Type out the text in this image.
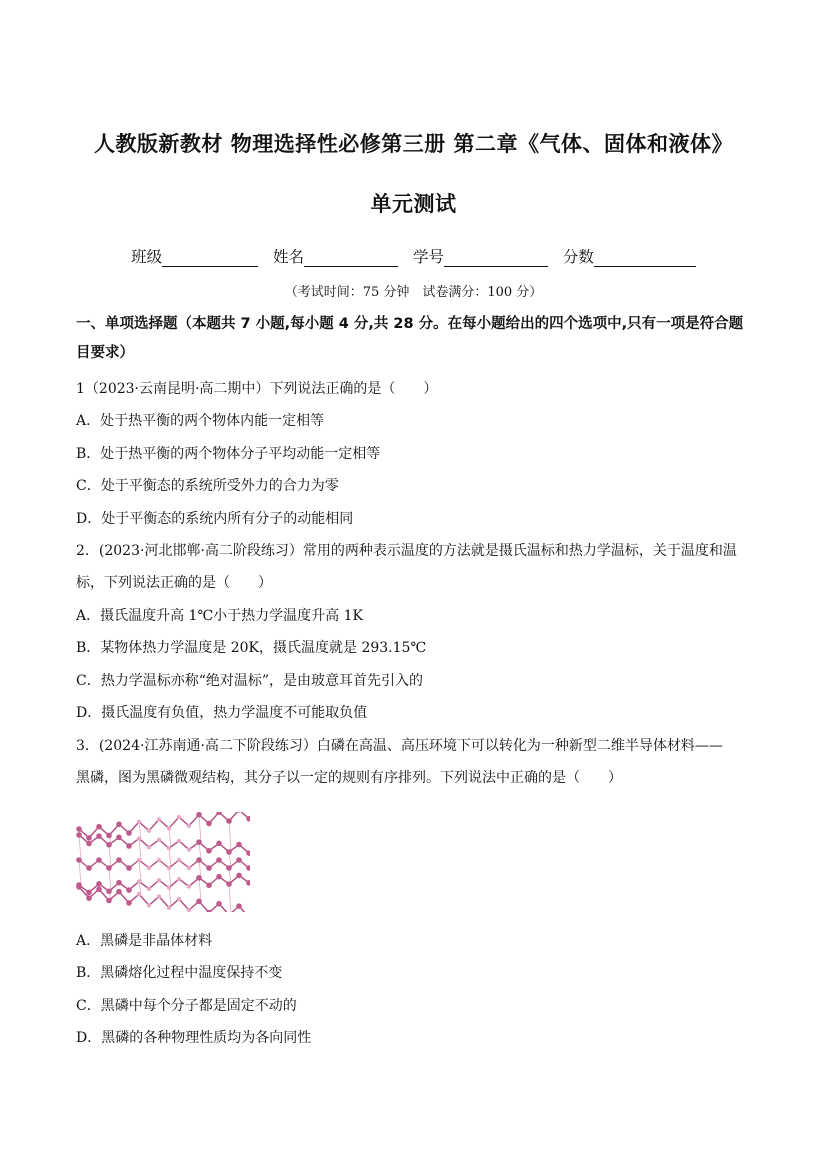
人教版新教材 物理选择性必修第三册 第二章《气体、固体和液体》
单元测试
班级	姓名	学号	分数
（考试时间：75 分钟　试卷满分：100 分）
一、单项选择题（本题共 7 小题,每小题 4 分,共 28 分。在每小题给出的四个选项中,只有一项是符合题目要求）
1（2023·云南昆明·高二期中）下列说法正确的是（　　）
A．处于热平衡的两个物体内能一定相等
B．处于热平衡的两个物体分子平均动能一定相等
C．处于平衡态的系统所受外力的合力为零
D．处于平衡态的系统内所有分子的动能相同
2．(2023·河北邯郸·高二阶段练习）常用的两种表示温度的方法就是摄氏温标和热力学温标，关于温度和温
标，下列说法正确的是（　　）
A．摄氏温度升高 1℃小于热力学温度升高 1K
B．某物体热力学温度是 20K，摄氏温度就是 293.15℃
C．热力学温标亦称“绝对温标”，是由玻意耳首先引入的
D．摄氏温度有负值，热力学温度不可能取负值
3．(2024·江苏南通·高二下阶段练习）白磷在高温、高压环境下可以转化为一种新型二维半导体材料——
黑磷，图为黑磷微观结构，其分子以一定的规则有序排列。下列说法中正确的是（　　）
A．黑磷是非晶体材料
B．黑磷熔化过程中温度保持不变
C．黑磷中每个分子都是固定不动的
D．黑磷的各种物理性质均为各向同性
